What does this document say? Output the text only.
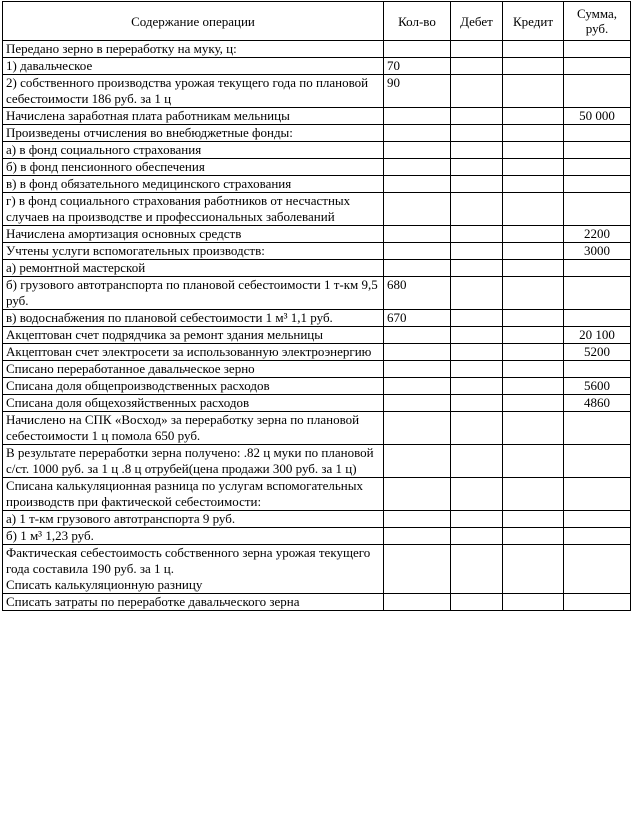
Содержание операции	Кол-во	Дебет	Кредит	Сумма, руб.
Передано зерно в переработку на муку, ц:				
1) давальческое	70			
2) собственного производства урожая текущего года по плановой себестоимости 186 руб. за 1 ц	90			
Начислена заработная плата работникам мельницы				50 000
Произведены отчисления во внебюджетные фонды:				
а) в фонд социального страхования				
б) в фонд пенсионного обеспечения				
в) в фонд обязательного медицинского страхования				
г) в фонд социального страхования работников от несчастных случаев на производстве и профессиональных заболеваний				
Начислена амортизация основных средств				2200
Учтены услуги вспомогательных производств:				3000
а) ремонтной мастерской				
б) грузового автотранспорта по плановой себестоимости 1 т-км 9,5 руб.	680			
в) водоснабжения по плановой себестоимости 1 м³ 1,1 руб.	670			
Акцептован счет подрядчика за ремонт здания мельницы				20 100
Акцептован счет электросети за использованную электроэнергию				5200
Списано переработанное давальческое зерно				
Списана доля общепроизводственных расходов				5600
Списана доля общехозяйственных расходов				4860
Начислено на СПК «Восход» за переработку зерна по плановой себестоимости 1 ц помола 650 руб.				
В результате переработки зерна получено: .82 ц муки по плановой
с/ст. 1000 руб. за 1 ц .8 ц отрубей(цена продажи 300 руб. за 1 ц)				
Списана калькуляционная разница по услугам вспомогательных производств при фактической себестоимости:				
а) 1 т-км грузового автотранспорта 9 руб.				
б) 1 м³ 1,23 руб.				
Фактическая себестоимость собственного зерна урожая текущего года составила 190 руб. за 1 ц.
Списать калькуляционную разницу				
Списать затраты по переработке давальческого зерна				
